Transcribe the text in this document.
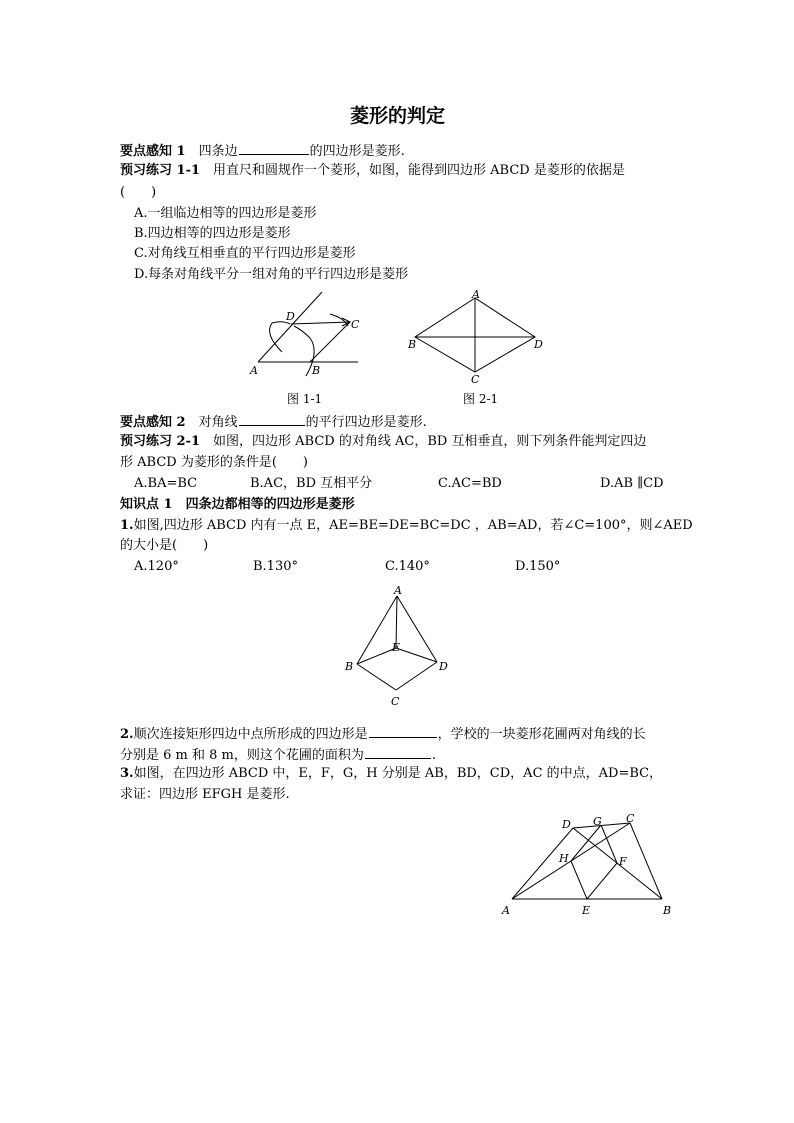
菱形的判定
要点感知 1　 四条边	的四边形是菱形.
预习练习 1-1　 用直尺和圆规作一个菱形，如图，能得到四边形 ABCD 是菱形的依据是
(　　)
A.一组临边相等的四边形是菱形
B.四边相等的四边形是菱形
C.对角线互相垂直的平行四边形是菱形
D.每条对角线平分一组对角的平行四边形是菱形
A	B
C
D
图 1-1
A
B
C
D
图 2-1
要点感知 2　 对角线	的平行四边形是菱形.
预习练习 2-1　 如图，四边形 ABCD 的对角线 AC，BD 互相垂直，则下列条件能判定四边
形 ABCD 为菱形的条件是(　　)
A.BA=BC	B.AC，BD 互相平分	C.AC=BD	D.AB ∥CD
知识点 1　四条边都相等的四边形是菱形
1.如图,四边形 ABCD 内有一点 E，AE=BE=DE=BC=DC ，AB=AD，若∠C=100°，则∠AED
的大小是(　　)
A.120°	B.130°	C.140°	D.150°
A
B
C
D
E
2.顺次连接矩形四边中点所形成的四边形是	，学校的一块菱形花圃两对角线的长
分别是 6 m 和 8 m，则这个花圃的面积为	.
3.如图，在四边形 ABCD 中，E，F，G，H 分别是 AB，BD，CD，AC 的中点，AD=BC，
求证：四边形 EFGH 是菱形.
A	B
C
D
E
F
G
H
